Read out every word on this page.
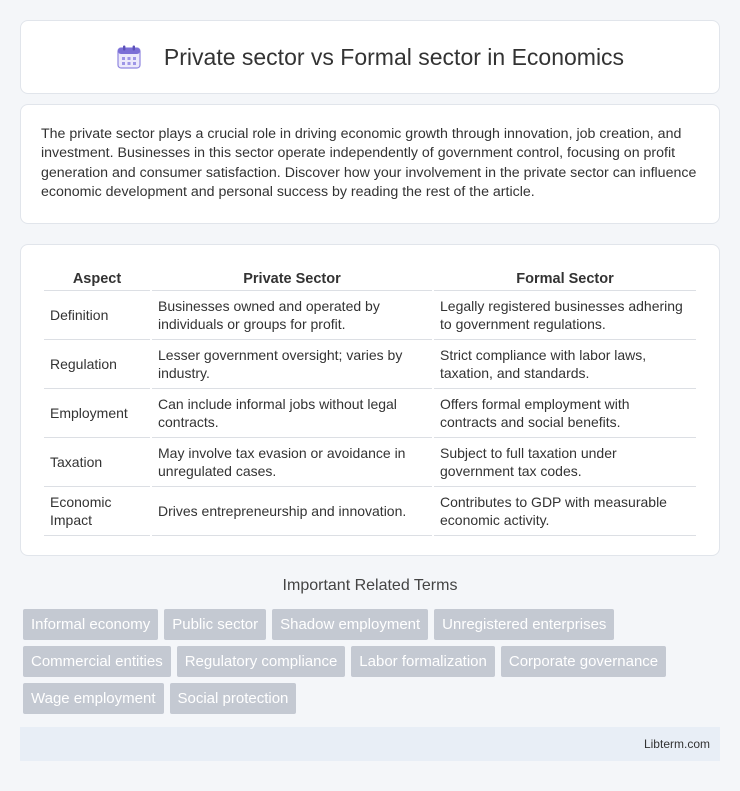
Private sector vs Formal sector in Economics

The private sector plays a crucial role in driving economic growth through innovation, job creation, and investment. Businesses in this sector operate independently of government control, focusing on profit generation and consumer satisfaction. Discover how your involvement in the private sector can influence economic development and personal success by reading the rest of the article.

Aspect	Private Sector	Formal Sector
Definition	Businesses owned and operated by individuals or groups for profit.	Legally registered businesses adhering to government regulations.
Regulation	Lesser government oversight; varies by industry.	Strict compliance with labor laws, taxation, and standards.
Employment	Can include informal jobs without legal contracts.	Offers formal employment with contracts and social benefits.
Taxation	May involve tax evasion or avoidance in unregulated cases.	Subject to full taxation under government tax codes.
Economic Impact	Drives entrepreneurship and innovation.	Contributes to GDP with measurable economic activity.
Important Related Terms
Informal economy	Public sector	Shadow employment	Unregistered enterprises
Commercial entities	Regulatory compliance	Labor formalization	Corporate governance
Wage employment	Social protection
Libterm.com
